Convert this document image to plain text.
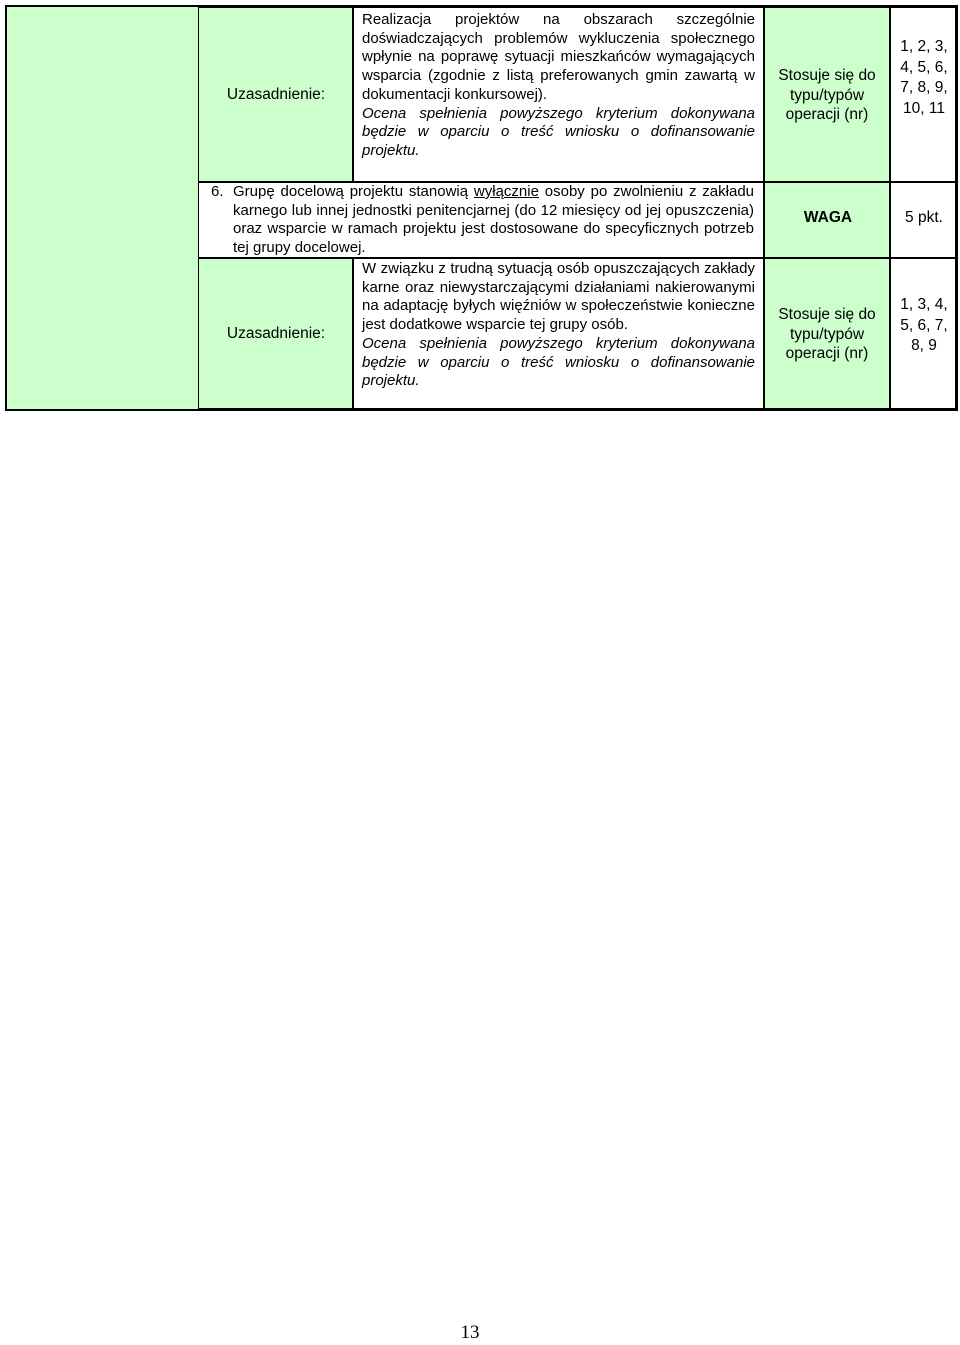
Uzasadnienie:
Realizacja projektów na obszarach szczególnie doświadczających problemów wykluczenia społecznego wpłynie na poprawę sytuacji mieszkańców wymagających wsparcia (zgodnie z listą preferowanych gmin zawartą w dokumentacji konkursowej).
Ocena spełnienia powyższego kryterium dokonywana będzie w oparciu o treść wniosku o dofinansowanie projektu.
Stosuje się do typu/typów operacji (nr)
1, 2, 3, 4, 5, 6, 7, 8, 9, 10, 11
6. Grupę docelową projektu stanowią wyłącznie osoby po zwolnieniu z zakładu karnego lub innej jednostki penitencjarnej (do 12 miesięcy od jej opuszczenia) oraz wsparcie w ramach projektu jest dostosowane do specyficznych potrzeb tej grupy docelowej.
WAGA	5 pkt.
Uzasadnienie:
W związku z trudną sytuacją osób opuszczających zakłady karne oraz niewystarczającymi działaniami nakierowanymi na adaptację byłych więźniów w społeczeństwie konieczne jest dodatkowe wsparcie tej grupy osób.
Ocena spełnienia powyższego kryterium dokonywana będzie w oparciu o treść wniosku o dofinansowanie projektu.
Stosuje się do typu/typów operacji (nr)
1, 3, 4, 5, 6, 7, 8, 9
13
